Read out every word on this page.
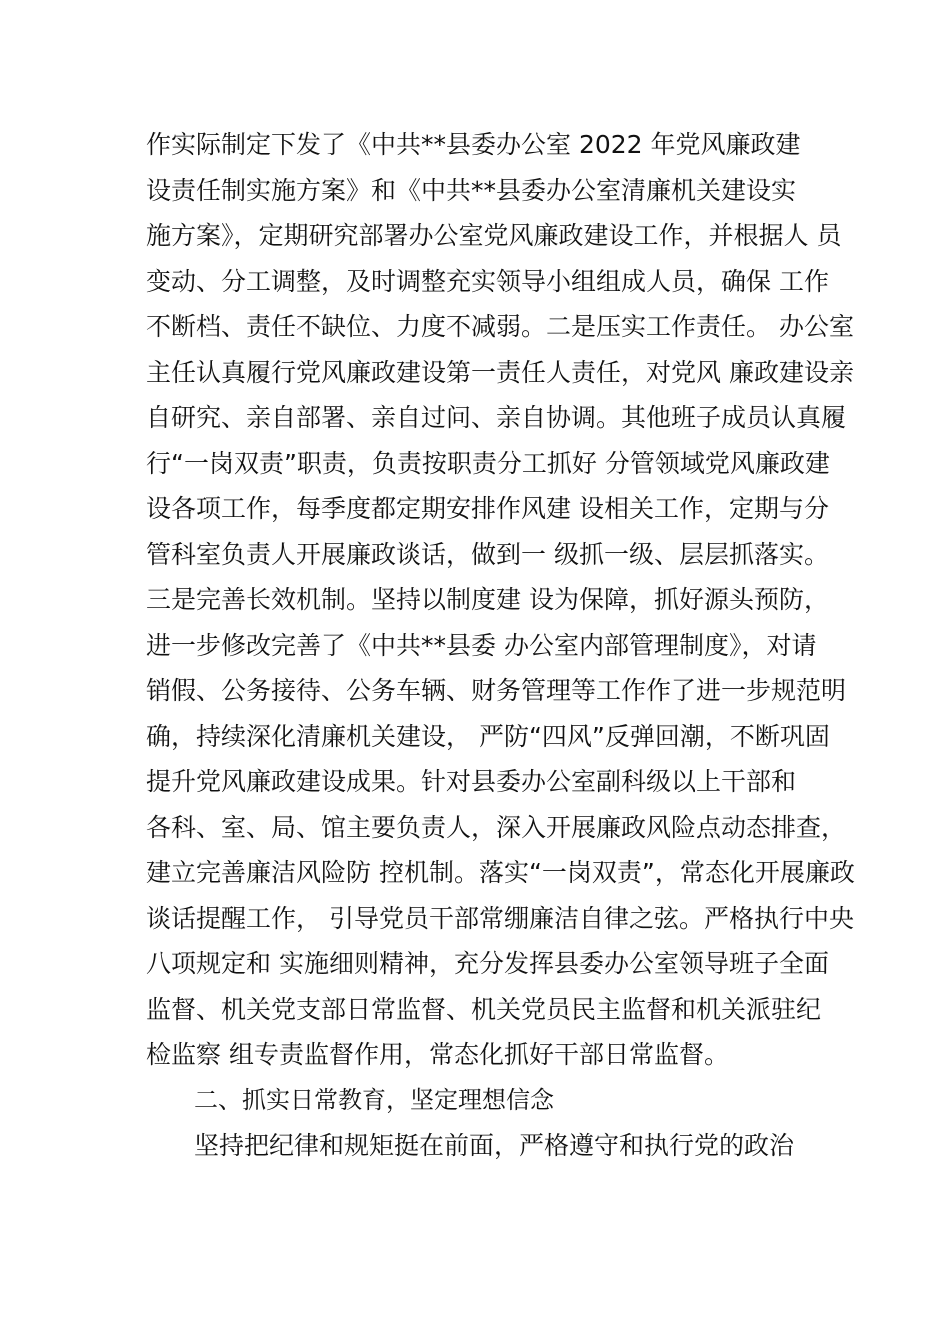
作实际制定下发了《中共**县委办公室 2022 年党风廉政建
设责任制实施方案》和《中共**县委办公室清廉机关建设实
施方案》，定期研究部署办公室党风廉政建设工作，并根据人 员
变动、分工调整，及时调整充实领导小组组成人员，确保 工作
不断档、责任不缺位、力度不减弱。二是压实工作责任。 办公室
主任认真履行党风廉政建设第一责任人责任，对党风 廉政建设亲
自研究、亲自部署、亲自过问、亲自协调。其他班子成员认真履
行“一岗双责”职责，负责按职责分工抓好 分管领域党风廉政建
设各项工作，每季度都定期安排作风建 设相关工作，定期与分
管科室负责人开展廉政谈话，做到一 级抓一级、层层抓落实。
三是完善长效机制。坚持以制度建 设为保障，抓好源头预防，
进一步修改完善了《中共**县委 办公室内部管理制度》，对请
销假、公务接待、公务车辆、财务管理等工作作了进一步规范明
确，持续深化清廉机关建设， 严防“四风”反弹回潮，不断巩固
提升党风廉政建设成果。针对县委办公室副科级以上干部和
各科、室、局、馆主要负责人，深入开展廉政风险点动态排查，
建立完善廉洁风险防 控机制。落实“一岗双责”，常态化开展廉政
谈话提醒工作， 引导党员干部常绷廉洁自律之弦。严格执行中央
八项规定和 实施细则精神，充分发挥县委办公室领导班子全面
监督、机关党支部日常监督、机关党员民主监督和机关派驻纪
检监察 组专责监督作用，常态化抓好干部日常监督。
二、抓实日常教育，坚定理想信念
坚持把纪律和规矩挺在前面，严格遵守和执行党的政治
